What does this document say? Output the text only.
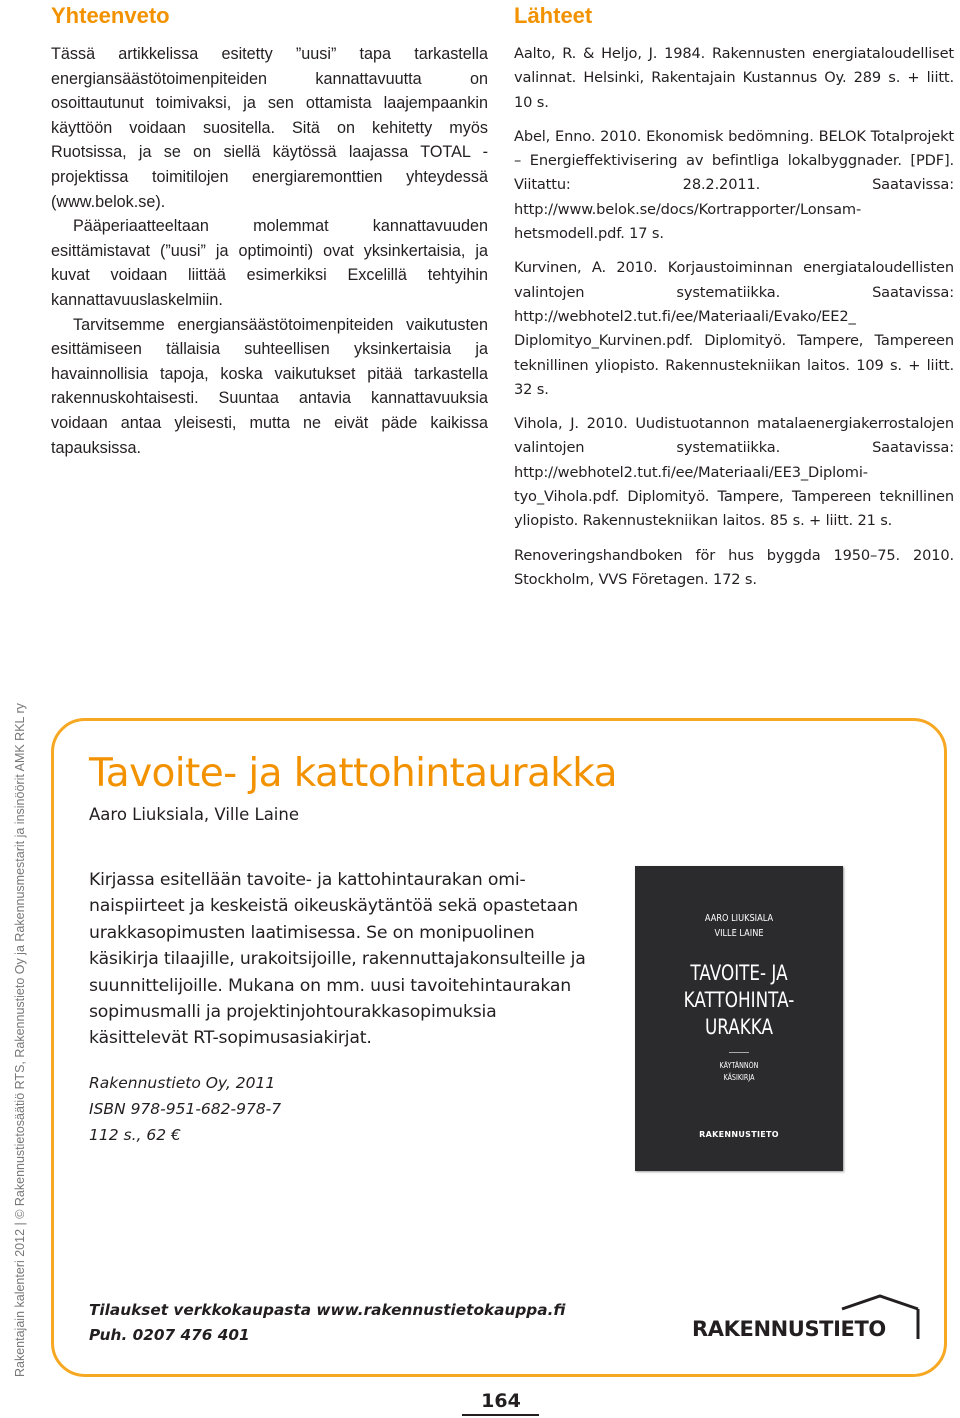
Rakentajain kalenteri 2012 | © Rakennustietosäätiö RTS, Rakennustieto Oy ja Rakennusmestarit ja insinöörit AMK RKL ry
Yhteenveto

Tässä artikkelissa esitetty ”uusi” tapa tarkastella energiansäästötoimenpiteiden kannattavuutta on osoittautunut toimivaksi, ja sen ottamista laajempaankin käyttöön voidaan suositella. Sitä on kehitetty myös Ruotsissa, ja se on siellä käytössä laajassa TOTAL -projektissa toimitilojen energiaremonttien yhteydessä (www.belok.se).

Pääperiaatteeltaan molemmat kannattavuuden esittämistavat (”uusi” ja optimointi) ovat yksinkertaisia, ja kuvat voidaan liittää esimerkiksi Excelillä tehtyihin kannattavuuslaskelmiin.

Tarvitsemme energiansäästötoimenpiteiden vaikutusten esittämiseen tällaisia suhteellisen yksinkertaisia ja havainnollisia tapoja, koska vaikutukset pitää tarkastella rakennuskohtaisesti. Suuntaa antavia kannattavuuksia voidaan antaa yleisesti, mutta ne eivät päde kaikissa tapauksissa.

Lähteet

Aalto, R. & Heljo, J. 1984. Rakennusten energiataloudelliset valinnat. Helsinki, Rakentajain Kustannus Oy. 289 s. + liitt. 10 s.

Abel, Enno. 2010. Ekonomisk bedömning. BELOK Totalprojekt – Energieffektivisering av befintliga lokalbyggnader. [PDF]. Viitattu: 28.2.2011. Saatavissa: http://www.belok.se/docs/Kortrapporter/Lonsamhetsmodell.pdf. 17 s.

Kurvinen, A. 2010. Korjaustoiminnan energiataloudellisten valintojen systematiikka. Saatavissa: http://webhotel2.tut.fi/ee/Materiaali/Evako/EE2_ Diplomityo_Kurvinen.pdf. Diplomityö. Tampere, Tampereen teknillinen yliopisto. Rakennustekniikan laitos. 109 s. + liitt. 32 s.

Vihola, J. 2010. Uudistuotannon matalaenergiakerrostalojen valintojen systematiikka. Saatavissa: http://webhotel2.tut.fi/ee/Materiaali/EE3_Diplomityo_Vihola.pdf. Diplomityö. Tampere, Tampereen teknillinen yliopisto. Rakennustekniikan laitos. 85 s. + liitt. 21 s.

Renoveringshandboken för hus byggda 1950–75. 2010. Stockholm, VVS Företagen. 172 s.

Tavoite- ja kattohintaurakka
Aaro Liuksiala, Ville Laine

Kirjassa esitellään tavoite- ja kattohintaurakan ominaispiirteet ja keskeistä oikeuskäytäntöä sekä opastetaan urakkasopimusten laatimisessa. Se on monipuolinen käsikirja tilaajille, urakoitsijoille, rakennuttajakonsulteille ja suunnittelijoille. Mukana on mm. uusi tavoitehintaurakan sopimusmalli ja projektinjohtourakkasopimuksia käsittelevät RT-sopimusasiakirjat.

Rakennustieto Oy, 2011
ISBN 978-951-682-978-7
112 s., 62 €
AARO LIUKSIALA
VILLE LAINE
TAVOITE- JA
KATTOHINTA-
URAKKA
KÄYTÄNNÖN
KÄSIKIRJA
RAKENNUSTIETO
Tilaukset verkkokaupasta www.rakennustietokauppa.fi
Puh. 0207 476 401	RAKENNUSTIETO
164
